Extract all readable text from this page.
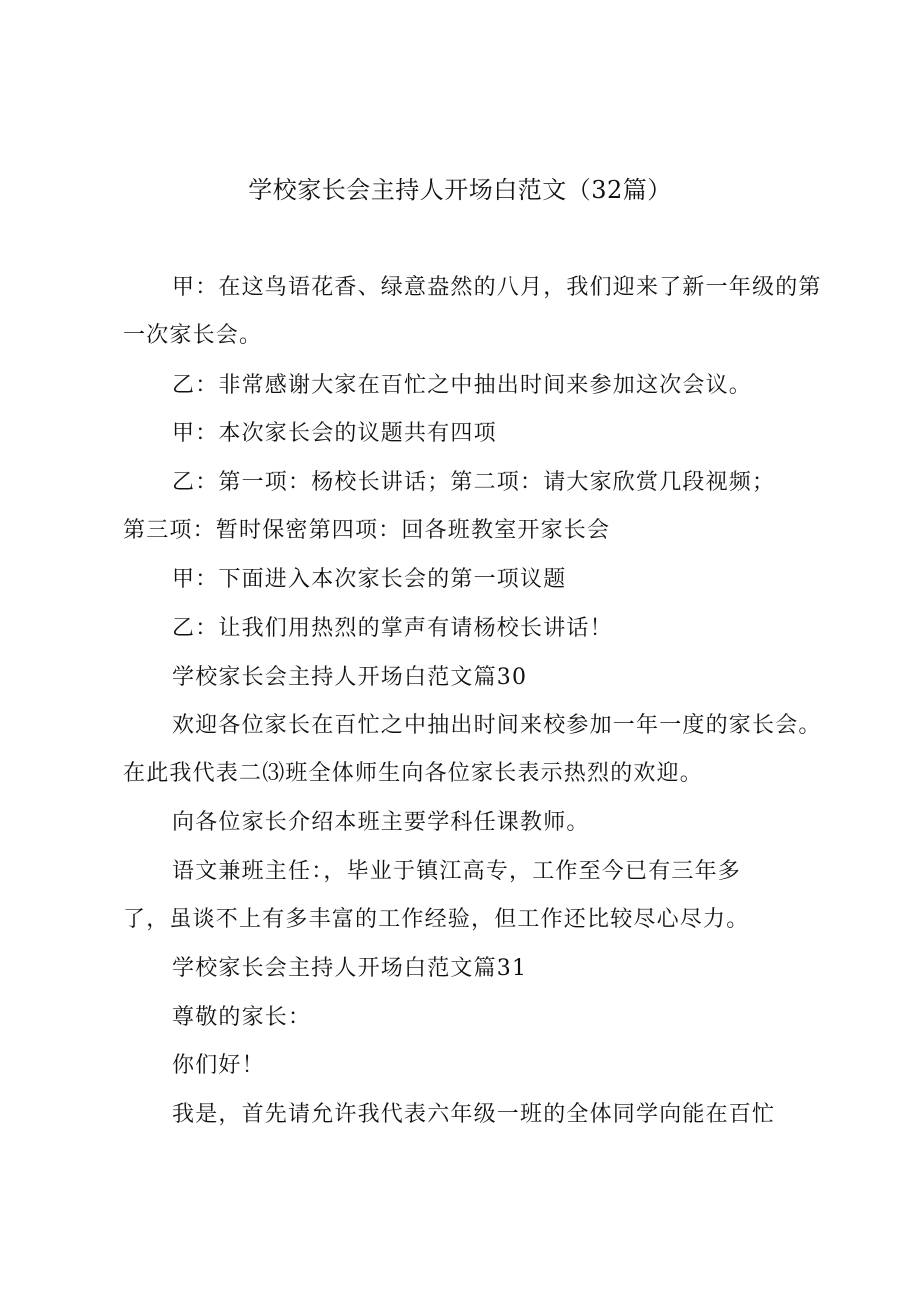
学校家长会主持人开场白范文（32篇）
甲：在这鸟语花香、绿意盎然的八月，我们迎来了新一年级的第
一次家长会。
乙：非常感谢大家在百忙之中抽出时间来参加这次会议。
甲：本次家长会的议题共有四项
乙：第一项：杨校长讲话；第二项：请大家欣赏几段视频；
第三项：暂时保密第四项：回各班教室开家长会
甲：下面进入本次家长会的第一项议题
乙：让我们用热烈的掌声有请杨校长讲话！
学校家长会主持人开场白范文篇30
欢迎各位家长在百忙之中抽出时间来校参加一年一度的家长会。
在此我代表二⑶班全体师生向各位家长表示热烈的欢迎。
向各位家长介绍本班主要学科任课教师。
语文兼班主任：，毕业于镇江高专，工作至今已有三年多
了，虽谈不上有多丰富的工作经验，但工作还比较尽心尽力。
学校家长会主持人开场白范文篇31
尊敬的家长：
你们好！
我是，首先请允许我代表六年级一班的全体同学向能在百忙
